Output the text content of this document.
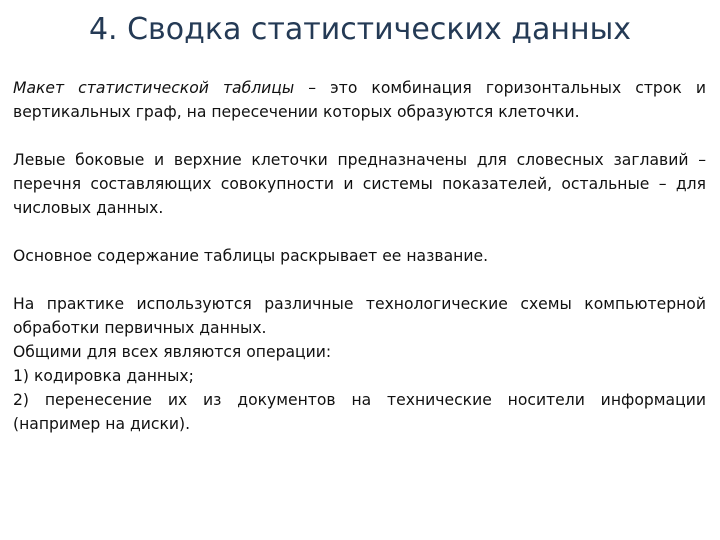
4. Сводка статистических данных

Макет статистической таблицы – это комбинация горизонтальных строк и вертикальных граф, на пересечении которых образуются клеточки.

Левые боковые и верхние клеточки предназначены для словесных заглавий – перечня составляющих совокупности и системы показателей, остальные – для числовых данных.

Основное содержание таблицы раскрывает ее название.

На практике используются различные технологические схемы компьютерной обработки первичных данных.

Общими для всех являются операции:

1) кодировка данных;

2) перенесение их из документов на технические носители информации (например на диски).
